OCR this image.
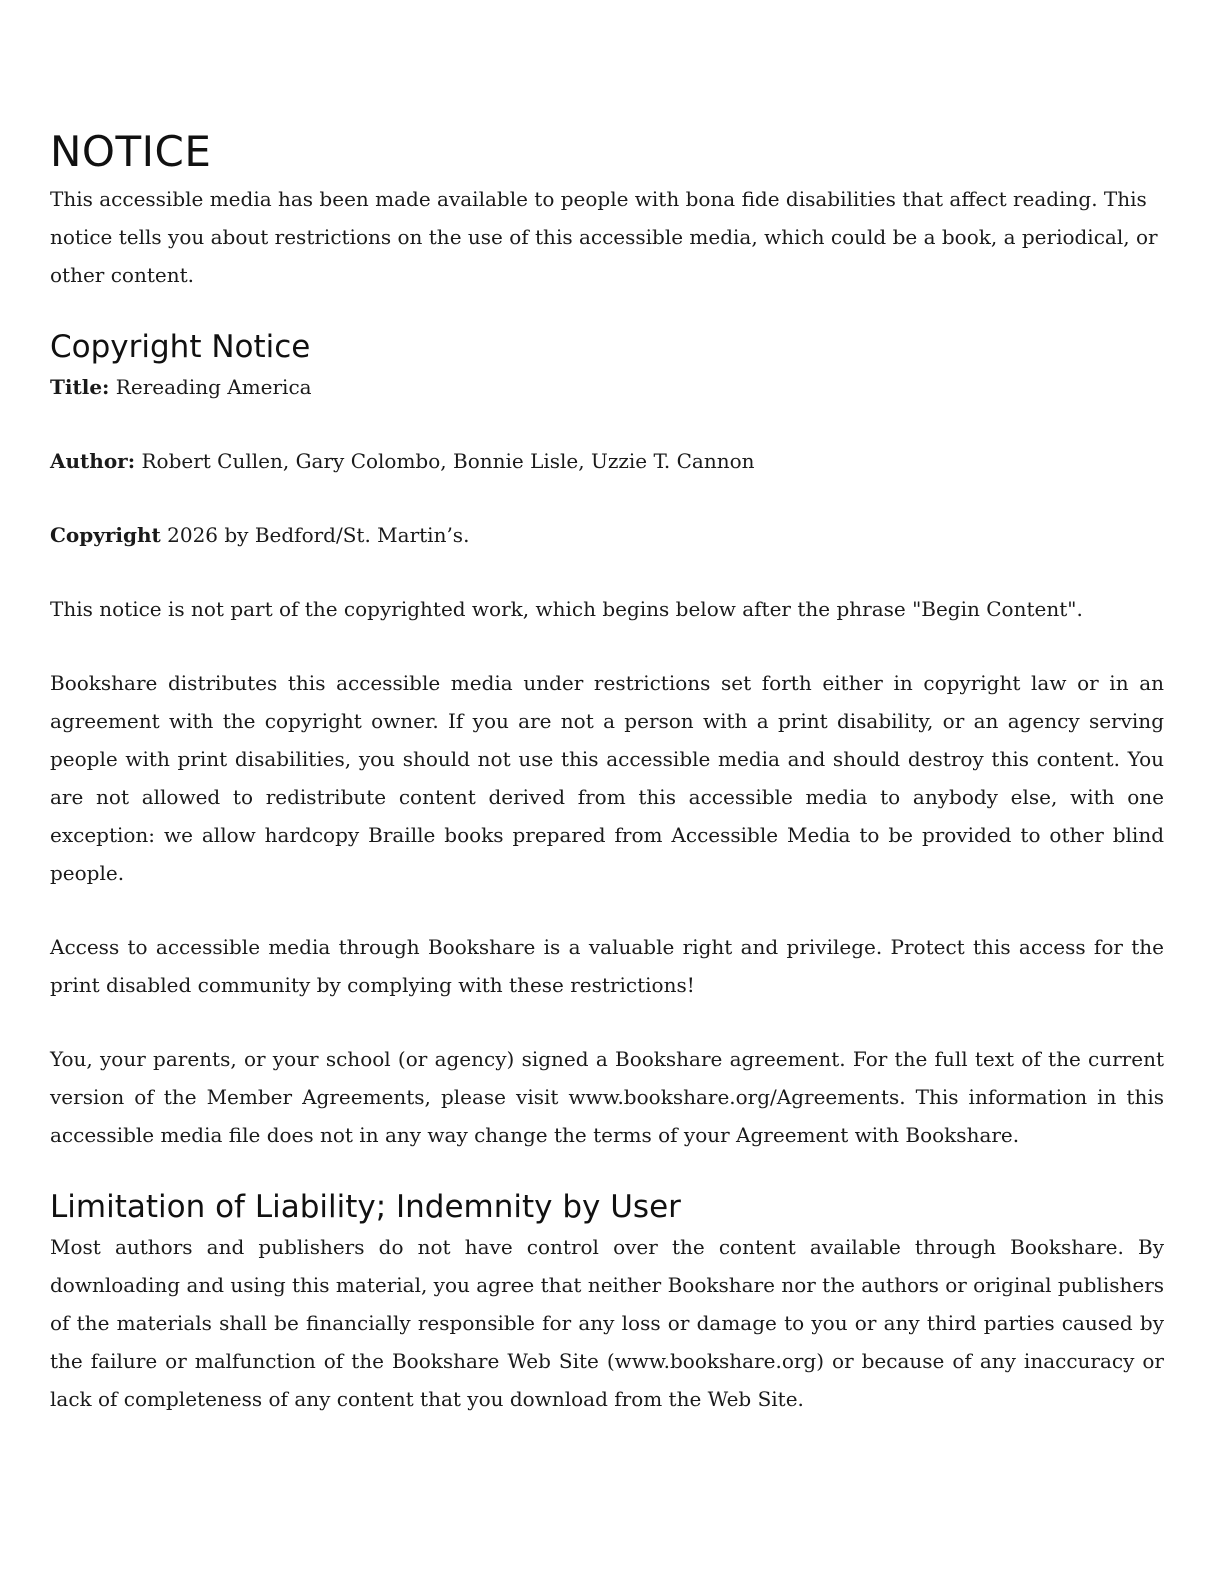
NOTICE

This accessible media has been made available to people with bona fide disabilities that affect reading. This notice tells you about restrictions on the use of this accessible media, which could be a book, a periodical, or other content.

Copyright Notice

Title: Rereading America

Author: Robert Cullen, Gary Colombo, Bonnie Lisle, Uzzie T. Cannon

Copyright 2026 by Bedford/St. Martin’s.

This notice is not part of the copyrighted work, which begins below after the phrase "Begin Content".

Bookshare distributes this accessible media under restrictions set forth either in copyright law or in an agreement with the copyright owner. If you are not a person with a print disability, or an agency serving people with print disabilities, you should not use this accessible media and should destroy this content. You are not allowed to redistribute content derived from this accessible media to anybody else, with one exception: we allow hardcopy Braille books prepared from Accessible Media to be provided to other blind people.

Access to accessible media through Bookshare is a valuable right and privilege. Protect this access for the print disabled community by complying with these restrictions!

You, your parents, or your school (or agency) signed a Bookshare agreement. For the full text of the current version of the Member Agreements, please visit www.bookshare.org/Agreements. This information in this accessible media file does not in any way change the terms of your Agreement with Bookshare.

Limitation of Liability; Indemnity by User

Most authors and publishers do not have control over the content available through Bookshare. By downloading and using this material, you agree that neither Bookshare nor the authors or original publishers of the materials shall be financially responsible for any loss or damage to you or any third parties caused by the failure or malfunction of the Bookshare Web Site (www.bookshare.org) or because of any inaccuracy or lack of completeness of any content that you download from the Web Site.
